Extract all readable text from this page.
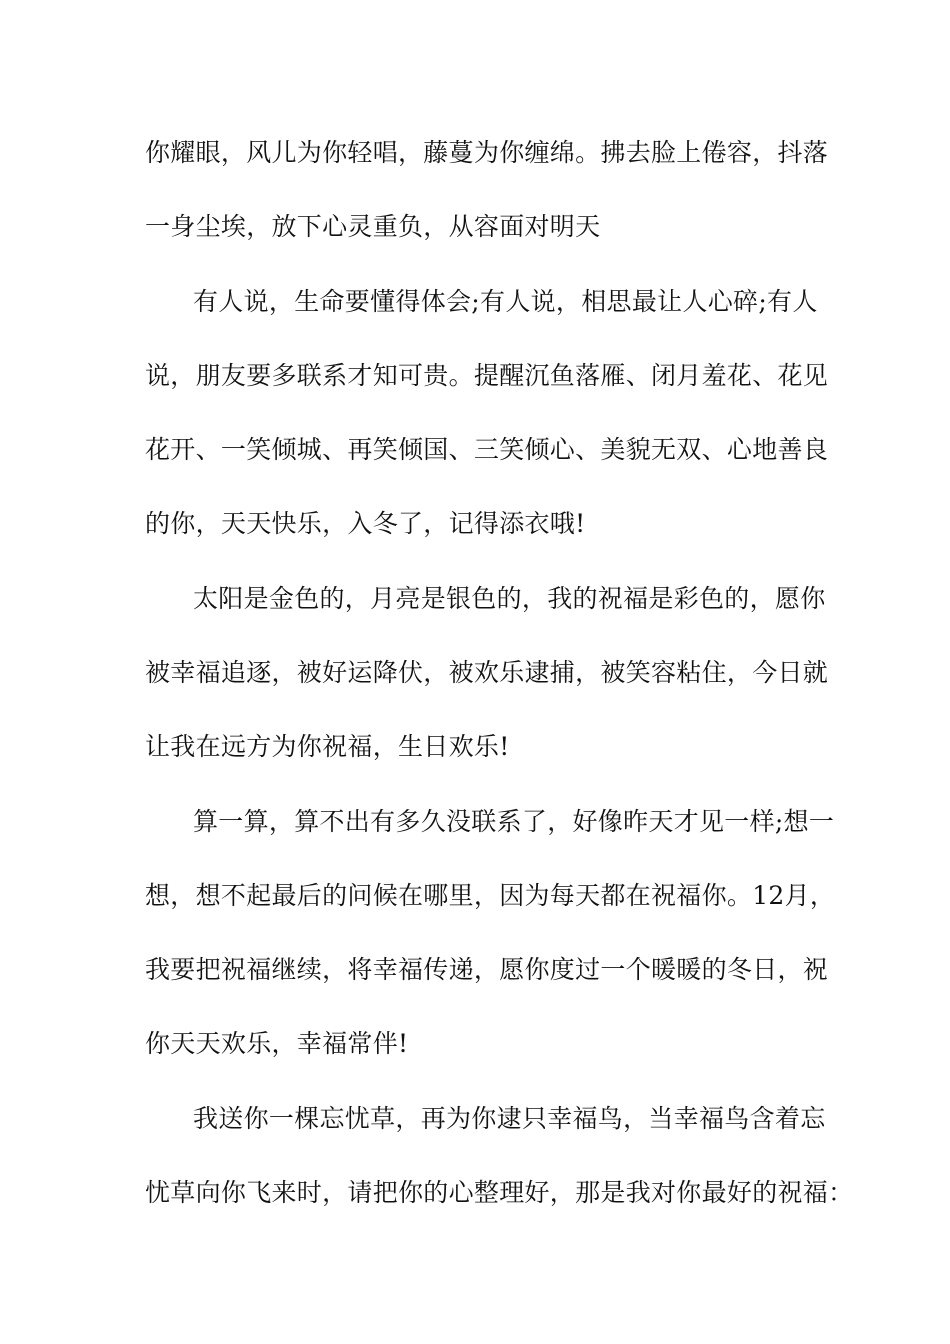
你耀眼，风儿为你轻唱，藤蔓为你缠绵。拂去脸上倦容，抖落
一身尘埃，放下心灵重负，从容面对明天
有人说，生命要懂得体会;有人说，相思最让人心碎;有人
说，朋友要多联系才知可贵。提醒沉鱼落雁、闭月羞花、花见
花开、一笑倾城、再笑倾国、三笑倾心、美貌无双、心地善良
的你，天天快乐，入冬了，记得添衣哦!
太阳是金色的，月亮是银色的，我的祝福是彩色的，愿你
被幸福追逐，被好运降伏，被欢乐逮捕，被笑容粘住，今日就
让我在远方为你祝福，生日欢乐!
算一算，算不出有多久没联系了，好像昨天才见一样;想一
想，想不起最后的问候在哪里，因为每天都在祝福你。12月，
我要把祝福继续，将幸福传递，愿你度过一个暖暖的冬日，祝
你天天欢乐，幸福常伴!
我送你一棵忘忧草，再为你逮只幸福鸟，当幸福鸟含着忘
忧草向你飞来时，请把你的心整理好，那是我对你最好的祝福：
